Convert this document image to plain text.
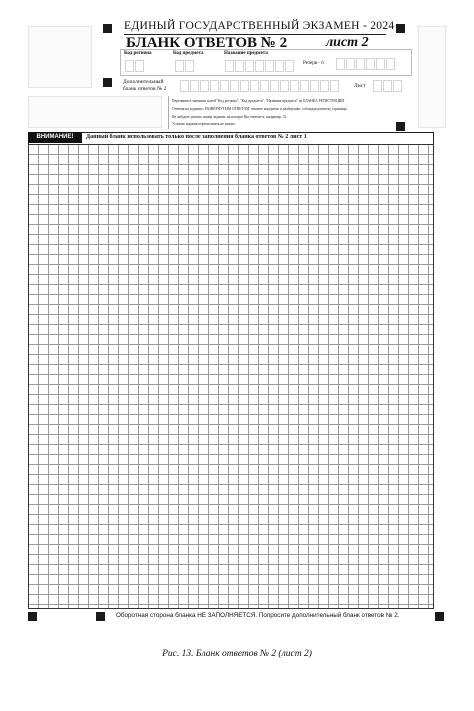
ЕДИНЫЙ ГОСУДАРСТВЕННЫЙ ЭКЗАМЕН - 2024
БЛАНК ОТВЕТОВ № 2	лист 2
Код региона	Код предмета	Название предмета
Резерв - 6
Дополнительный
бланк ответов № 2	Лист
Перепишите значения полей "Код региона", "Код предмета", "Название предмета" из БЛАНКА РЕГИСТРАЦИИ.
Отвечая на задания с РАЗВЁРНУТЫМ ОТВЕТОМ, пишите аккуратно и разборчиво, соблюдая разметку страницы.
Не забудьте указать номер задания, на которое Вы отвечаете, например, 31.
Условия задания переписывать не нужно.
ВНИМАНИЕ!	Данный бланк использовать только после заполнения бланка ответов № 2 лист 1
Оборотная сторона бланка НЕ ЗАПОЛНЯЕТСЯ. Попросите дополнительный бланк ответов № 2.
Рис. 13. Бланк ответов № 2 (лист 2)
